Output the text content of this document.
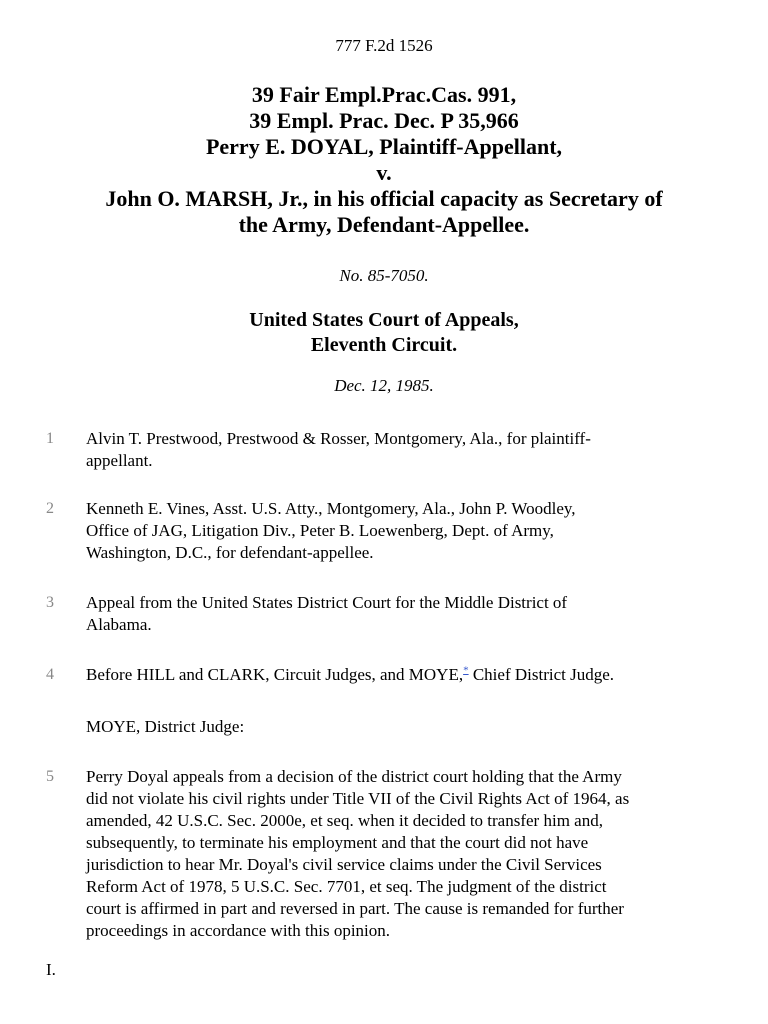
777 F.2d 1526
39 Fair Empl.Prac.Cas. 991,
39 Empl. Prac. Dec. P 35,966
Perry E. DOYAL, Plaintiff-Appellant,
v.
John O. MARSH, Jr., in his official capacity as Secretary of
the Army, Defendant-Appellee.
No. 85-7050.
United States Court of Appeals,
Eleventh Circuit.
Dec. 12, 1985.
1 Alvin T. Prestwood, Prestwood & Rosser, Montgomery, Ala., for plaintiff-
appellant.
2 Kenneth E. Vines, Asst. U.S. Atty., Montgomery, Ala., John P. Woodley,
Office of JAG, Litigation Div., Peter B. Loewenberg, Dept. of Army,
Washington, D.C., for defendant-appellee.
3 Appeal from the United States District Court for the Middle District of
Alabama.
4 Before HILL and CLARK, Circuit Judges, and MOYE,* Chief District Judge.
MOYE, District Judge:
5 Perry Doyal appeals from a decision of the district court holding that the Army
did not violate his civil rights under Title VII of the Civil Rights Act of 1964, as
amended, 42 U.S.C. Sec. 2000e, et seq. when it decided to transfer him and,
subsequently, to terminate his employment and that the court did not have
jurisdiction to hear Mr. Doyal's civil service claims under the Civil Services
Reform Act of 1978, 5 U.S.C. Sec. 7701, et seq. The judgment of the district
court is affirmed in part and reversed in part. The cause is remanded for further
proceedings in accordance with this opinion.
I.
